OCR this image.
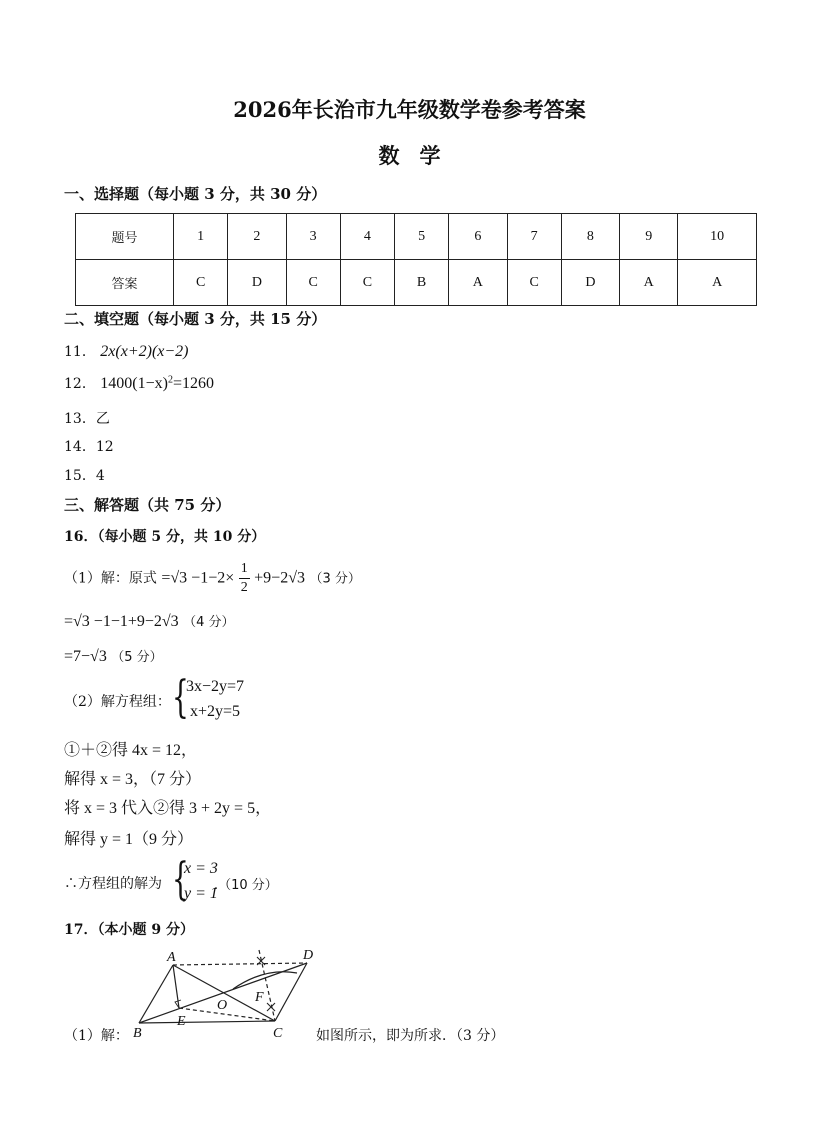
2026年长治市九年级数学卷参考答案
数学
一、选择题（每小题 3 分，共 30 分）
题号	1	2	3	4	5	6	7	8	9	10
答案	C	D	C	C	B	A	C	D	A	A
二、填空题（每小题 3 分，共 15 分）
11． 2x(x+2)(x−2)
12． $1400(1-x)^2=1260$
13．乙
14．12
15．4
三、解答题（共 75 分）
16．（每小题 5 分，共 10 分）
（1）解：原式 $=√3 -1-2\times \frac{1}{2} +9-2√3$ （3 分）
=√3 −1−1+9−2√3 （4 分）
=7−√3 （5 分）
（2）解方程组： {
3x−2y=7
x+2y=5
①＋②得 4x = 12，
解得 x = 3，（7 分）
将 x = 3 代入②得 3 + 2y = 5，
解得 y = 1（9 分）
∴方程组的解为 {
x = 3
y = 1
.（10 分）
17．（本小题 9 分）
（1）解：	如图所示，即为所求．（3 分）
A
B	C
D
E
F
O
